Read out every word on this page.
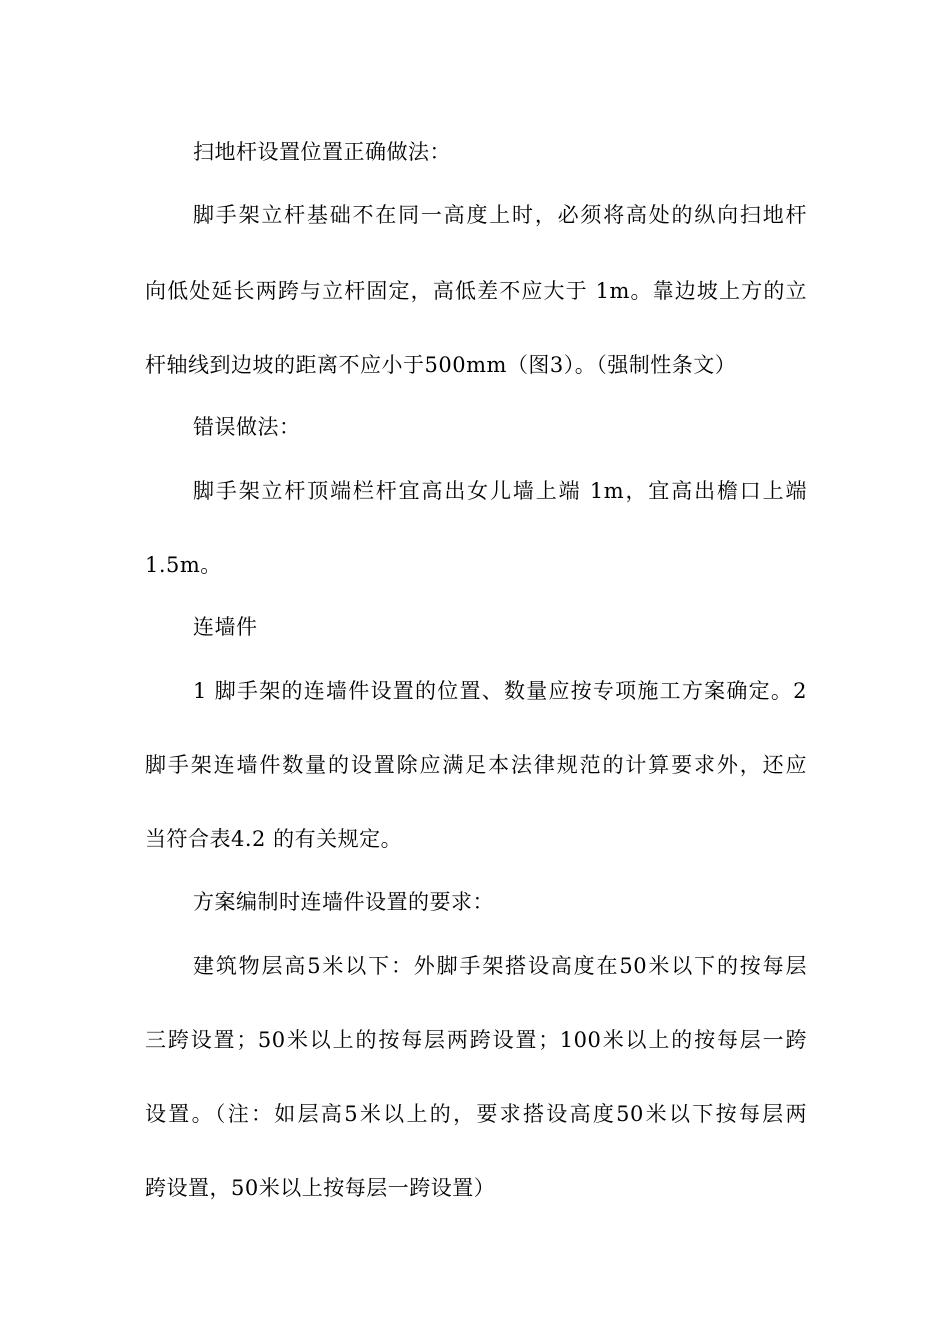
扫地杆设置位置正确做法：
脚手架立杆基础不在同一高度上时，必须将高处的纵向扫地杆
向低处延长两跨与立杆固定，高低差不应大于 1m。靠边坡上方的立
杆轴线到边坡的距离不应小于500mm（图3）。（强制性条文）
错误做法：
脚手架立杆顶端栏杆宜高出女儿墙上端 1m，宜高出檐口上端
1.5m。
连墙件
1 脚手架的连墙件设置的位置、数量应按专项施工方案确定。2
脚手架连墙件数量的设置除应满足本法律规范的计算要求外，还应
当符合表4.2 的有关规定。
方案编制时连墙件设置的要求：
建筑物层高5米以下：外脚手架搭设高度在50米以下的按每层
三跨设置；50米以上的按每层两跨设置；100米以上的按每层一跨
设置。（注：如层高5米以上的，要求搭设高度50米以下按每层两
跨设置，50米以上按每层一跨设置）
